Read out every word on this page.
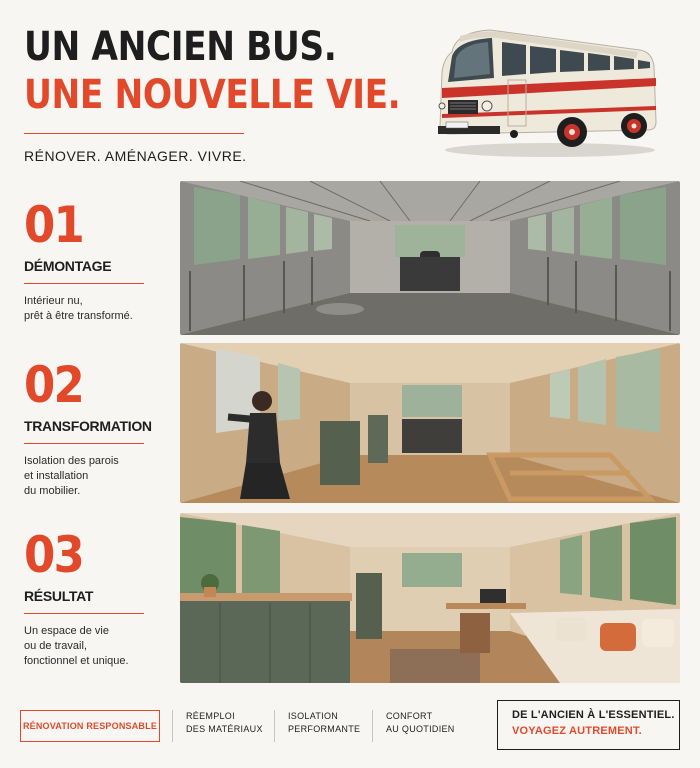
UN ANCIEN BUS.
UNE NOUVELLE VIE.
RÉNOVER. AMÉNAGER. VIVRE.
01
DÉMONTAGE
Intérieur nu,
prêt à être transformé.
02
TRANSFORMATION
Isolation des parois
et installation
du mobilier.
03
RÉSULTAT
Un espace de vie
ou de travail,
fonctionnel et unique.
RÉNOVATION RESPONSABLE
RÉEMPLOI
DES MATÉRIAUX
ISOLATION
PERFORMANTE
CONFORT
AU QUOTIDIEN
DE L'ANCIEN À L'ESSENTIEL.
VOYAGEZ AUTREMENT.
